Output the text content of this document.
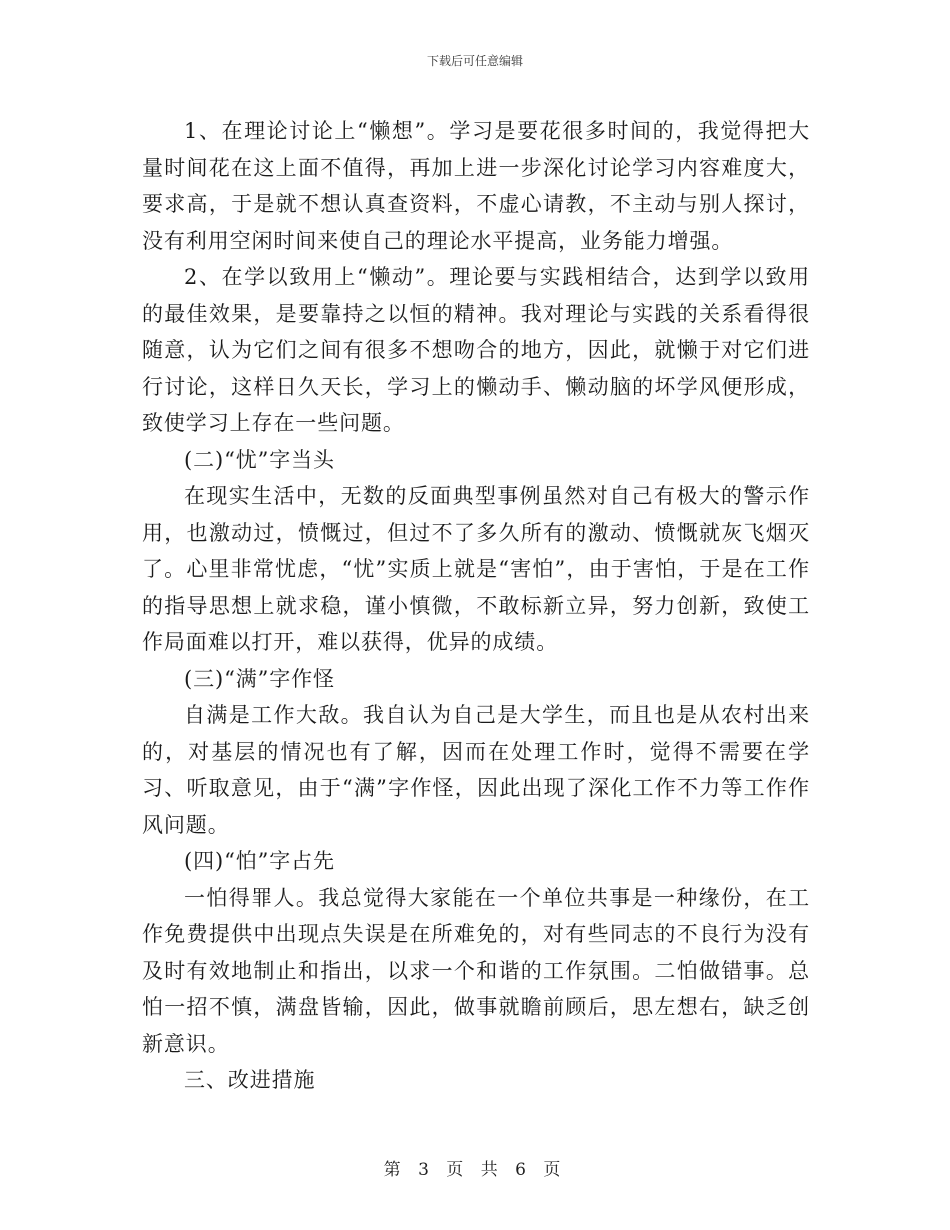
下载后可任意编辑

1、在理论讨论上“懒想”。学习是要花很多时间的，我觉得把大量时间花在这上面不值得，再加上进一步深化讨论学习内容难度大，要求高，于是就不想认真查资料，不虚心请教，不主动与别人探讨，没有利用空闲时间来使自己的理论水平提高，业务能力增强。

2、在学以致用上“懒动”。理论要与实践相结合，达到学以致用的最佳效果，是要靠持之以恒的精神。我对理论与实践的关系看得很随意，认为它们之间有很多不想吻合的地方，因此，就懒于对它们进行讨论，这样日久天长，学习上的懒动手、懒动脑的坏学风便形成，致使学习上存在一些问题。

(二)“忧”字当头

在现实生活中，无数的反面典型事例虽然对自己有极大的警示作用，也激动过，愤慨过，但过不了多久所有的激动、愤慨就灰飞烟灭了。心里非常忧虑，“忧”实质上就是“害怕”，由于害怕，于是在工作的指导思想上就求稳，谨小慎微，不敢标新立异，努力创新，致使工作局面难以打开，难以获得，优异的成绩。

(三)“满”字作怪

自满是工作大敌。我自认为自己是大学生，而且也是从农村出来的，对基层的情况也有了解，因而在处理工作时，觉得不需要在学习、听取意见，由于“满”字作怪，因此出现了深化工作不力等工作作风问题。

(四)“怕”字占先

一怕得罪人。我总觉得大家能在一个单位共事是一种缘份，在工作免费提供中出现点失误是在所难免的，对有些同志的不良行为没有及时有效地制止和指出，以求一个和谐的工作氛围。二怕做错事。总怕一招不慎，满盘皆输，因此，做事就瞻前顾后，思左想右，缺乏创新意识。

三、改进措施

第 3 页 共 6 页
